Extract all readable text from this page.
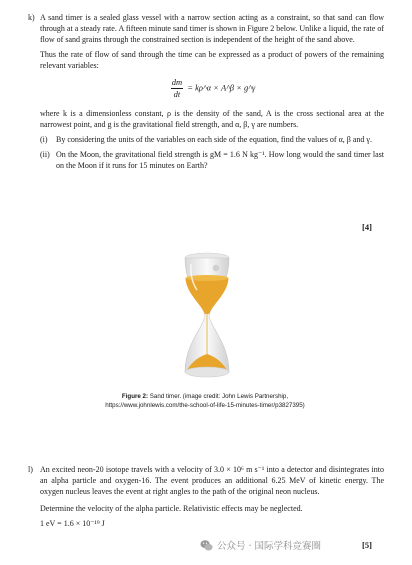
k) A sand timer is a sealed glass vessel with a narrow section acting as a constraint, so that sand can flow through at a steady rate. A fifteen minute sand timer is shown in Figure 2 below. Unlike a liquid, the rate of flow of sand grains through the constrained section is independent of the height of the sand above.

Thus the rate of flow of sand through the time can be expressed as a product of powers of the remaining relevant variables:

$\frac{dm}{dt}$ = kρ^α × A^β × g^γ

where k is a dimensionless constant, ρ is the density of the sand, A is the cross sectional area at the narrowest point, and g is the gravitational field strength, and α, β, γ are numbers.

(i) By considering the units of the variables on each side of the equation, find the values of α, β and γ.
(ii) On the Moon, the gravitational field strength is gM = 1.6 N kg⁻¹. How long would the sand timer last on the Moon if it runs for 15 minutes on Earth?
[4]
Figure 2: Sand timer. (image credit: John Lewis Partnership,
https://www.johnlewis.com/the-school-of-life-15-minutes-timer/p3827395)
l) An excited neon-20 isotope travels with a velocity of 3.0 × 10⁶ m s⁻¹ into a detector and disintegrates into an alpha particle and oxygen-16. The event produces an additional 6.25 MeV of kinetic energy. The oxygen nucleus leaves the event at right angles to the path of the original neon nucleus.

Determine the velocity of the alpha particle. Relativistic effects may be neglected.

1 eV = 1.6 × 10⁻¹⁹ J

[5]
公众号 · 国际学科竞赛圈
